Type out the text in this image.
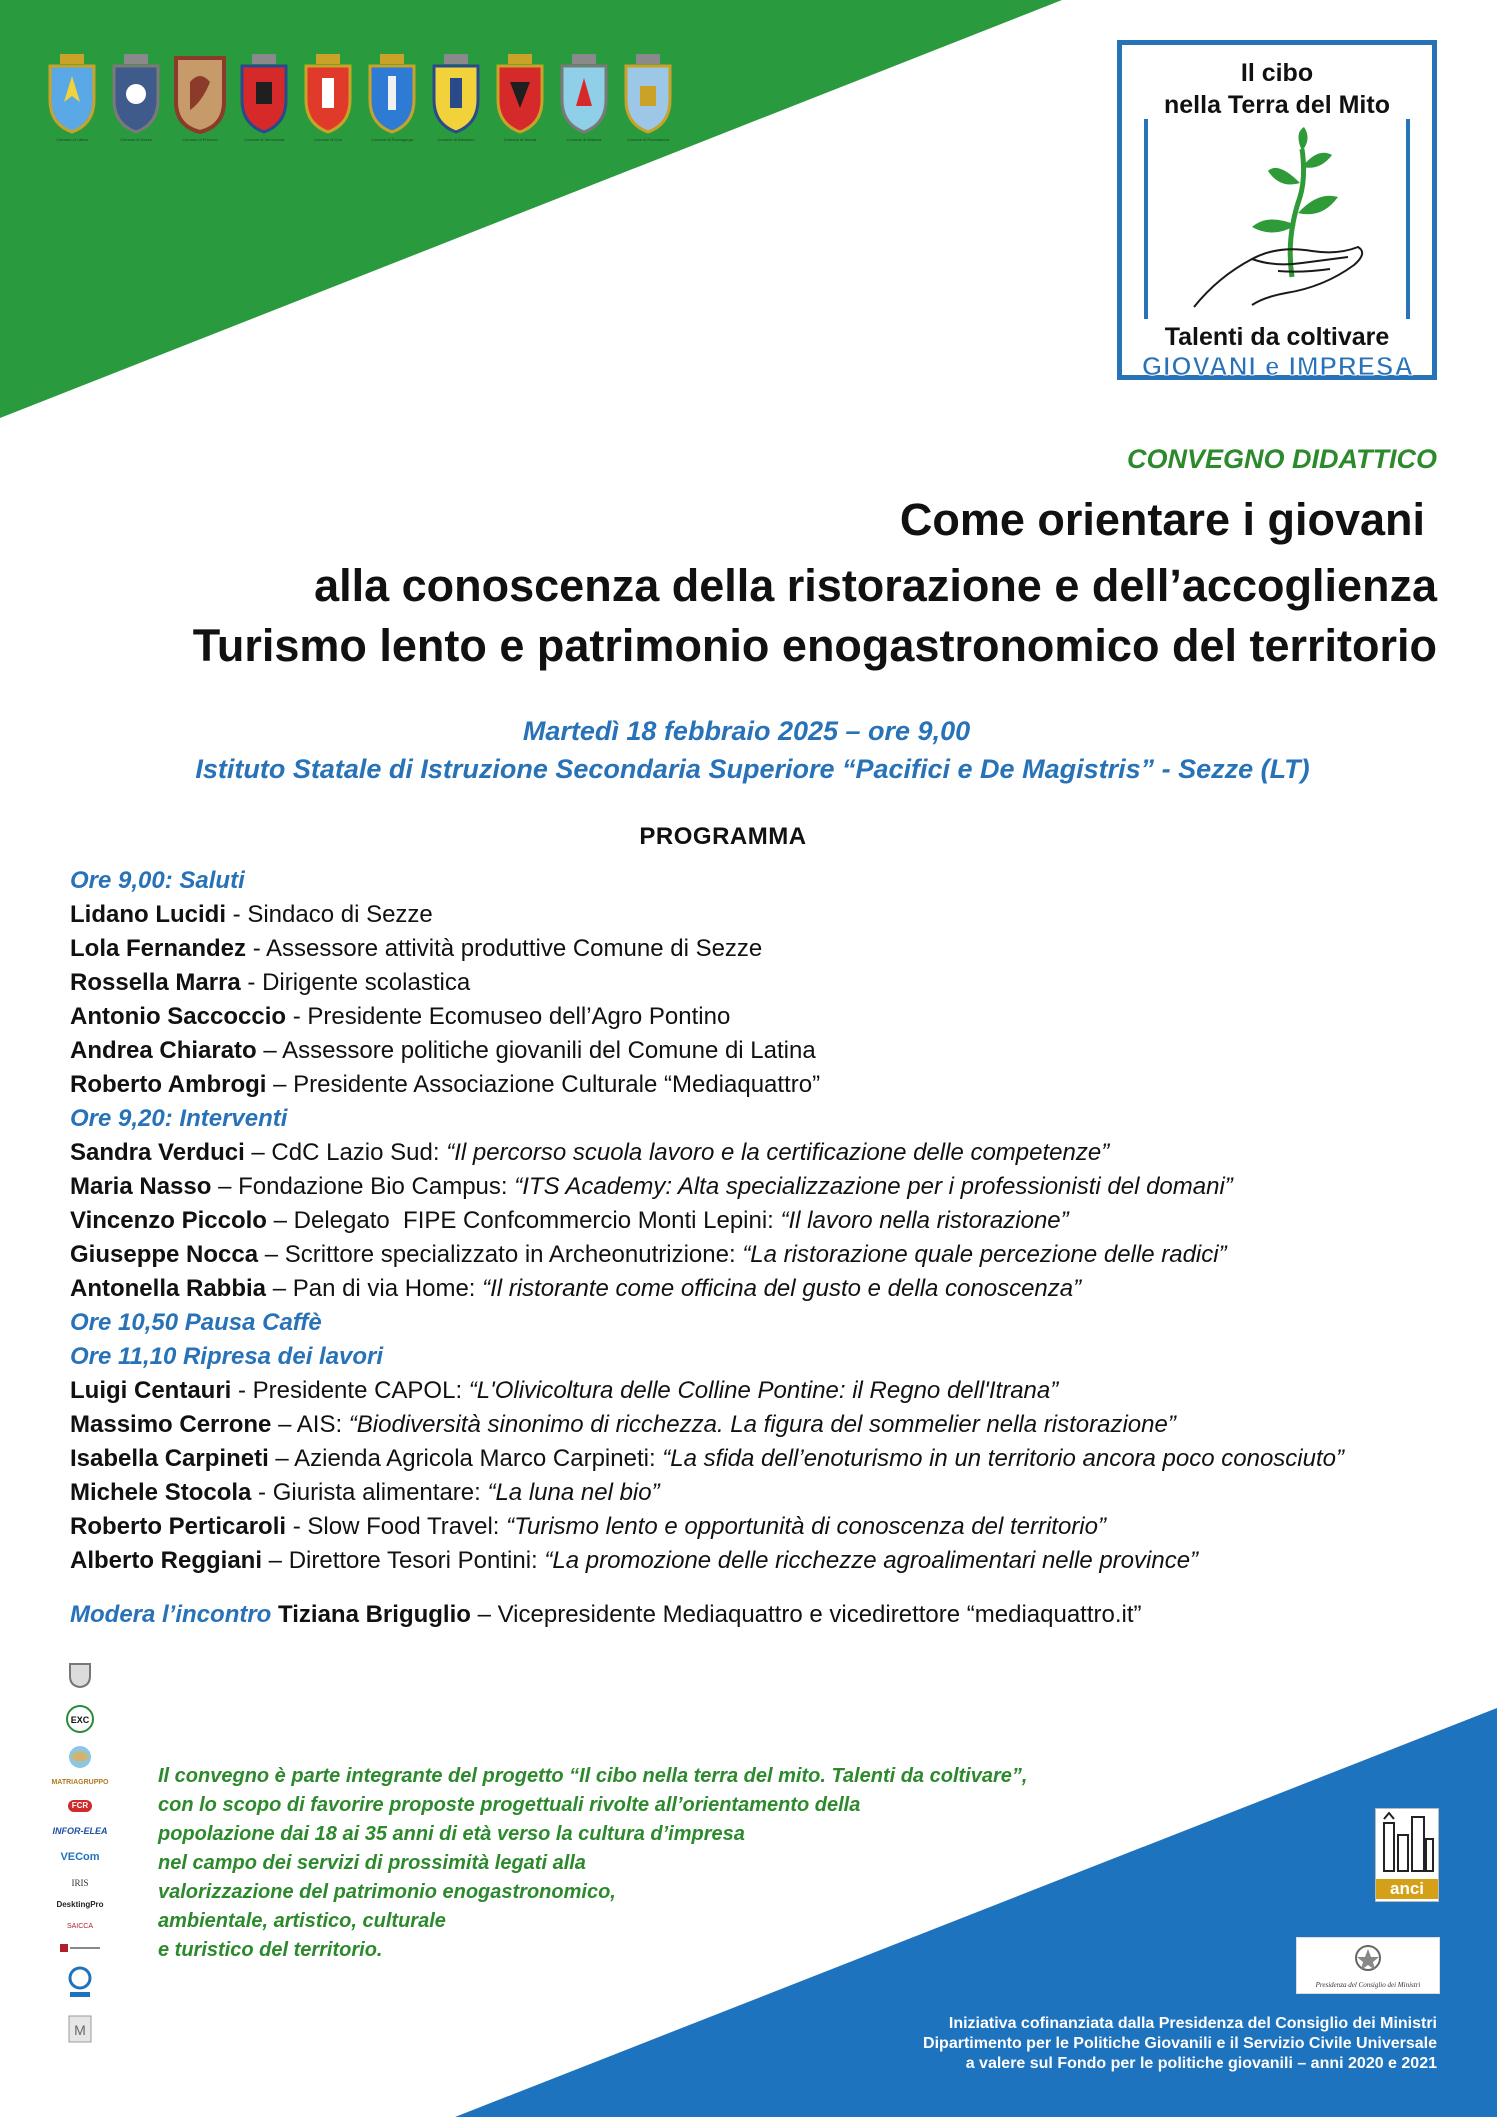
Comune di Latina	Comune di Sezze	Comune di Priverno	Comune di Sermoneta	Comune di Cori	Comune di Roccagorga	Comune di Bassiano	Comune di Norma	Comune di Maenza	Comune di Roccasecca
Il cibo
nella Terra del Mito
Talenti da coltivare
GIOVANI e IMPRESA
CONVEGNO DIDATTICO
Come orientare i giovani
alla conoscenza della ristorazione e dell’accoglienza
Turismo lento e patrimonio enogastronomico del territorio
Martedì 18 febbraio 2025 – ore 9,00
Istituto Statale di Istruzione Secondaria Superiore “Pacifici e De Magistris” - Sezze (LT)
PROGRAMMA
Ore 9,00: Saluti
Lidano Lucidi - Sindaco di Sezze
Lola Fernandez - Assessore attività produttive Comune di Sezze
Rossella Marra - Dirigente scolastica
Antonio Saccoccio - Presidente Ecomuseo dell’Agro Pontino
Andrea Chiarato – Assessore politiche giovanili del Comune di Latina
Roberto Ambrogi – Presidente Associazione Culturale “Mediaquattro”
Ore 9,20: Interventi
Sandra Verduci – CdC Lazio Sud: “Il percorso scuola lavoro e la certificazione delle competenze”
Maria Nasso – Fondazione Bio Campus: “ITS Academy: Alta specializzazione per i professionisti del domani”
Vincenzo Piccolo – Delegato  FIPE Confcommercio Monti Lepini: “Il lavoro nella ristorazione”
Giuseppe Nocca – Scrittore specializzato in Archeonutrizione: “La ristorazione quale percezione delle radici”
Antonella Rabbia – Pan di via Home: “Il ristorante come officina del gusto e della conoscenza”
Ore 10,50 Pausa Caffè
Ore 11,10 Ripresa dei lavori
Luigi Centauri - Presidente CAPOL: “L'Olivicoltura delle Colline Pontine: il Regno dell'Itrana”
Massimo Cerrone – AIS: “Biodiversità sinonimo di ricchezza. La figura del sommelier nella ristorazione”
Isabella Carpineti – Azienda Agricola Marco Carpineti: “La sfida dell’enoturismo in un territorio ancora poco conosciuto”
Michele Stocola - Giurista alimentare: “La luna nel bio”
Roberto Perticaroli - Slow Food Travel: “Turismo lento e opportunità di conoscenza del territorio”
Alberto Reggiani – Direttore Tesori Pontini: “La promozione delle ricchezze agroalimentari nelle province”
Modera l’incontro Tiziana Briguglio – Vicepresidente Mediaquattro e vicedirettore “mediaquattro.it”
EXC
MATRIAGRUPPO
FCR
INFOR-ELEA
VECom
IRIS
DesktingPro
SAICCA
M
Il convegno è parte integrante del progetto “Il cibo nella terra del mito. Talenti da coltivare”,
con lo scopo di favorire proposte progettuali rivolte all’orientamento della
popolazione dai 18 ai 35 anni di età verso la cultura d’impresa
nel campo dei servizi di prossimità legati alla
valorizzazione del patrimonio enogastronomico,
ambientale, artistico, culturale
e turistico del territorio.
anci
Presidenza del Consiglio dei Ministri
Iniziativa cofinanziata dalla Presidenza del Consiglio dei Ministri
Dipartimento per le Politiche Giovanili e il Servizio Civile Universale
a valere sul Fondo per le politiche giovanili – anni 2020 e 2021
